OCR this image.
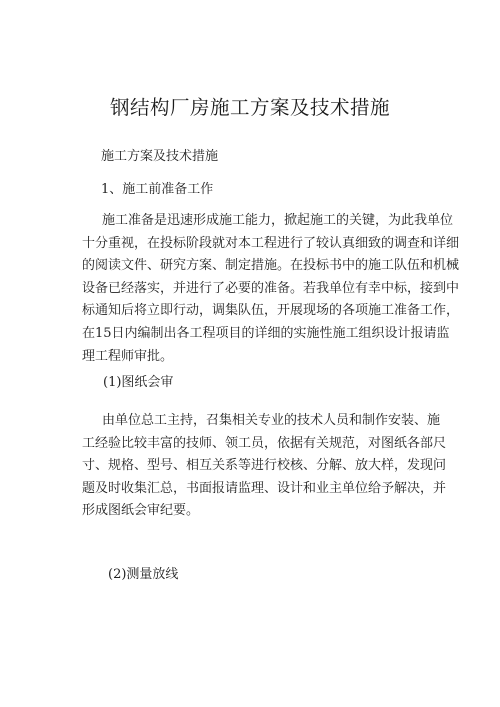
钢结构厂房施工方案及技术措施
施工方案及技术措施
1、施工前准备工作
施工准备是迅速形成施工能力，掀起施工的关键，为此我单位
十分重视，在投标阶段就对本工程进行了较认真细致的调查和详细
的阅读文件、研究方案、制定措施。在投标书中的施工队伍和机械
设备已经落实，并进行了必要的准备。若我单位有幸中标，接到中
标通知后将立即行动，调集队伍，开展现场的各项施工准备工作，
在15日内编制出各工程项目的详细的实施性施工组织设计报请监
理工程师审批。
(1)图纸会审
由单位总工主持，召集相关专业的技术人员和制作安装、施
工经验比较丰富的技师、领工员，依据有关规范，对图纸各部尺
寸、规格、型号、相互关系等进行校核、分解、放大样，发现问
题及时收集汇总，书面报请监理、设计和业主单位给予解决，并
形成图纸会审纪要。
(2)测量放线
